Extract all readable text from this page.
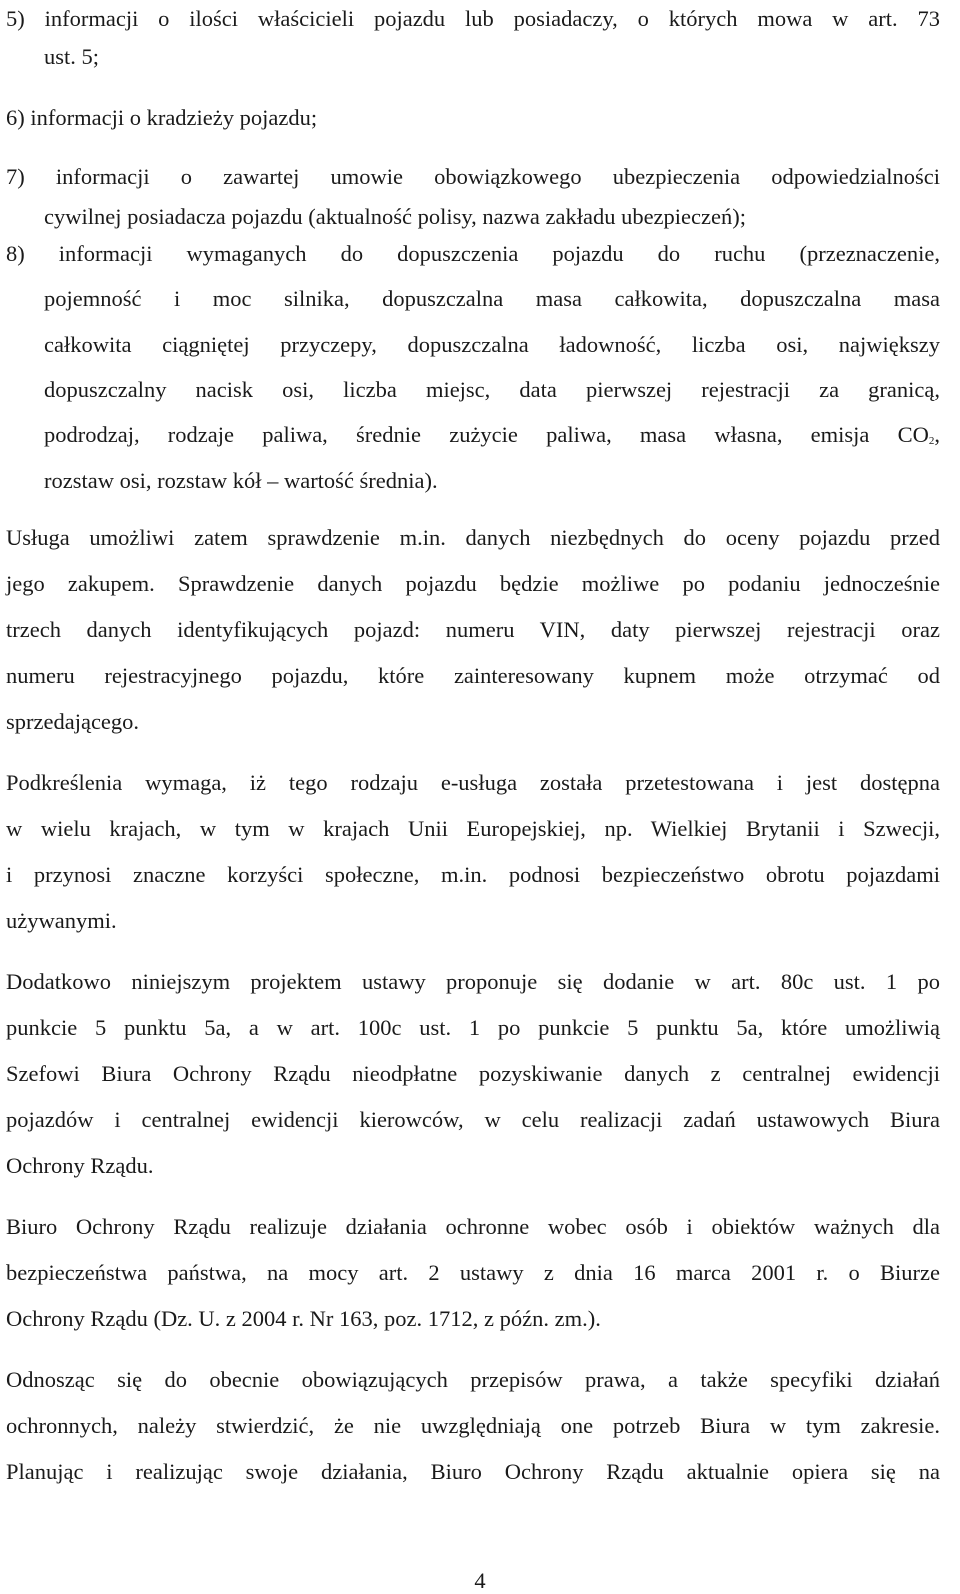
5) informacji o ilości właścicieli pojazdu lub posiadaczy, o których mowa w art. 73
ust. 5;
6) informacji o kradzieży pojazdu;
7) informacji o zawartej umowie obowiązkowego ubezpieczenia odpowiedzialności
cywilnej posiadacza pojazdu (aktualność polisy, nazwa zakładu ubezpieczeń);
8) informacji wymaganych do dopuszczenia pojazdu do ruchu (przeznaczenie,
pojemność i moc silnika, dopuszczalna masa całkowita, dopuszczalna masa
całkowita ciągniętej przyczepy, dopuszczalna ładowność, liczba osi, największy
dopuszczalny nacisk osi, liczba miejsc, data pierwszej rejestracji za granicą,
podrodzaj, rodzaje paliwa, średnie zużycie paliwa, masa własna, emisja $CO_2$,
rozstaw osi, rozstaw kół – wartość średnia).
Usługa umożliwi zatem sprawdzenie m.in. danych niezbędnych do oceny pojazdu przed
jego zakupem. Sprawdzenie danych pojazdu będzie możliwe po podaniu jednocześnie
trzech danych identyfikujących pojazd: numeru VIN, daty pierwszej rejestracji oraz
numeru rejestracyjnego pojazdu, które zainteresowany kupnem może otrzymać od
sprzedającego.
Podkreślenia wymaga, iż tego rodzaju e-usługa została przetestowana i jest dostępna
w wielu krajach, w tym w krajach Unii Europejskiej, np. Wielkiej Brytanii i Szwecji,
i przynosi znaczne korzyści społeczne, m.in. podnosi bezpieczeństwo obrotu pojazdami
używanymi.
Dodatkowo niniejszym projektem ustawy proponuje się dodanie w art. 80c ust. 1 po
punkcie 5 punktu 5a, a w art. 100c ust. 1 po punkcie 5 punktu 5a, które umożliwią
Szefowi Biura Ochrony Rządu nieodpłatne pozyskiwanie danych z centralnej ewidencji
pojazdów i centralnej ewidencji kierowców, w celu realizacji zadań ustawowych Biura
Ochrony Rządu.
Biuro Ochrony Rządu realizuje działania ochronne wobec osób i obiektów ważnych dla
bezpieczeństwa państwa, na mocy art. 2 ustawy z dnia 16 marca 2001 r. o Biurze
Ochrony Rządu (Dz. U. z 2004 r. Nr 163, poz. 1712, z późn. zm.).
Odnosząc się do obecnie obowiązujących przepisów prawa, a także specyfiki działań
ochronnych, należy stwierdzić, że nie uwzględniają one potrzeb Biura w tym zakresie.
Planując i realizując swoje działania, Biuro Ochrony Rządu aktualnie opiera się na
4
